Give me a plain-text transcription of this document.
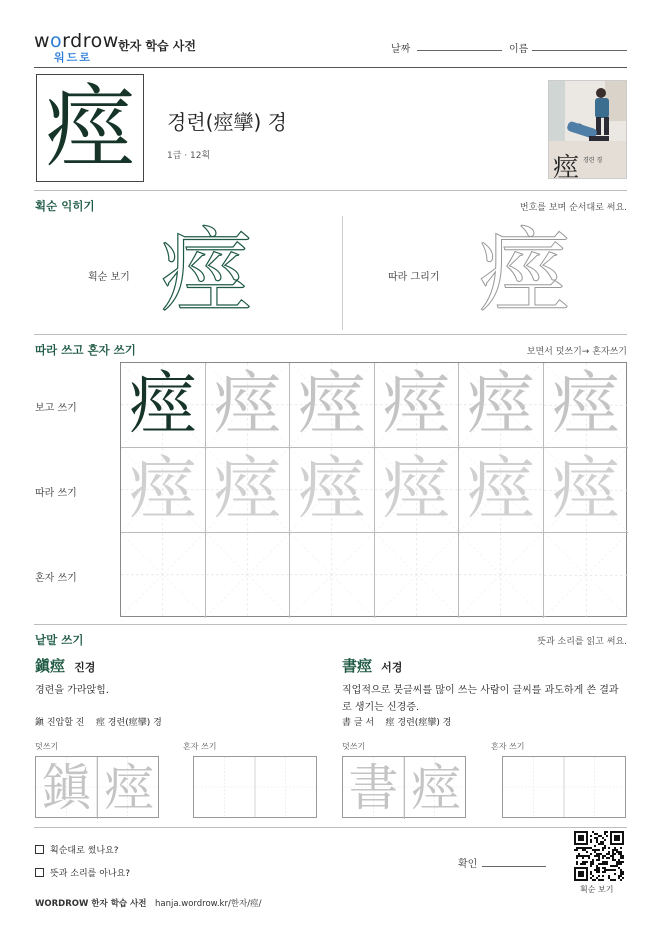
wordrow
워드로
한자 학습 사전	날짜	이름
痙	경련(痙攣) 경
1급 · 12획	痙 경련 경
획순 익히기	번호를 보며 순서대로 써요.
획순 보기 痙	따라 그리기 痙
따라 쓰고 혼자 쓰기	보면서 덧쓰기→ 혼자쓰기
보고 쓰기
따라 쓰기
혼자 쓰기
痙 痙 痙 痙 痙 痙
痙 痙 痙 痙 痙 痙
낱말 쓰기	뜻과 소리를 읽고 써요.
鎭痙 진경
경련을 가라앉힘.
鎭 진압할 진    痙 경련(痙攣) 경
덧쓰기	혼자 쓰기
鎭 痙
書痙 서경
직업적으로 붓글씨를 많이 쓰는 사람이 글씨를 과도하게 쓴 결과로 생기는 신경증.
書 글 서    痙 경련(痙攣) 경
덧쓰기	혼자 쓰기
書 痙
획순대로 썼나요?
뜻과 소리를 아나요?
확인
획순 보기
WORDROW 한자 학습 사전 hanja.wordrow.kr/한자/痙/
